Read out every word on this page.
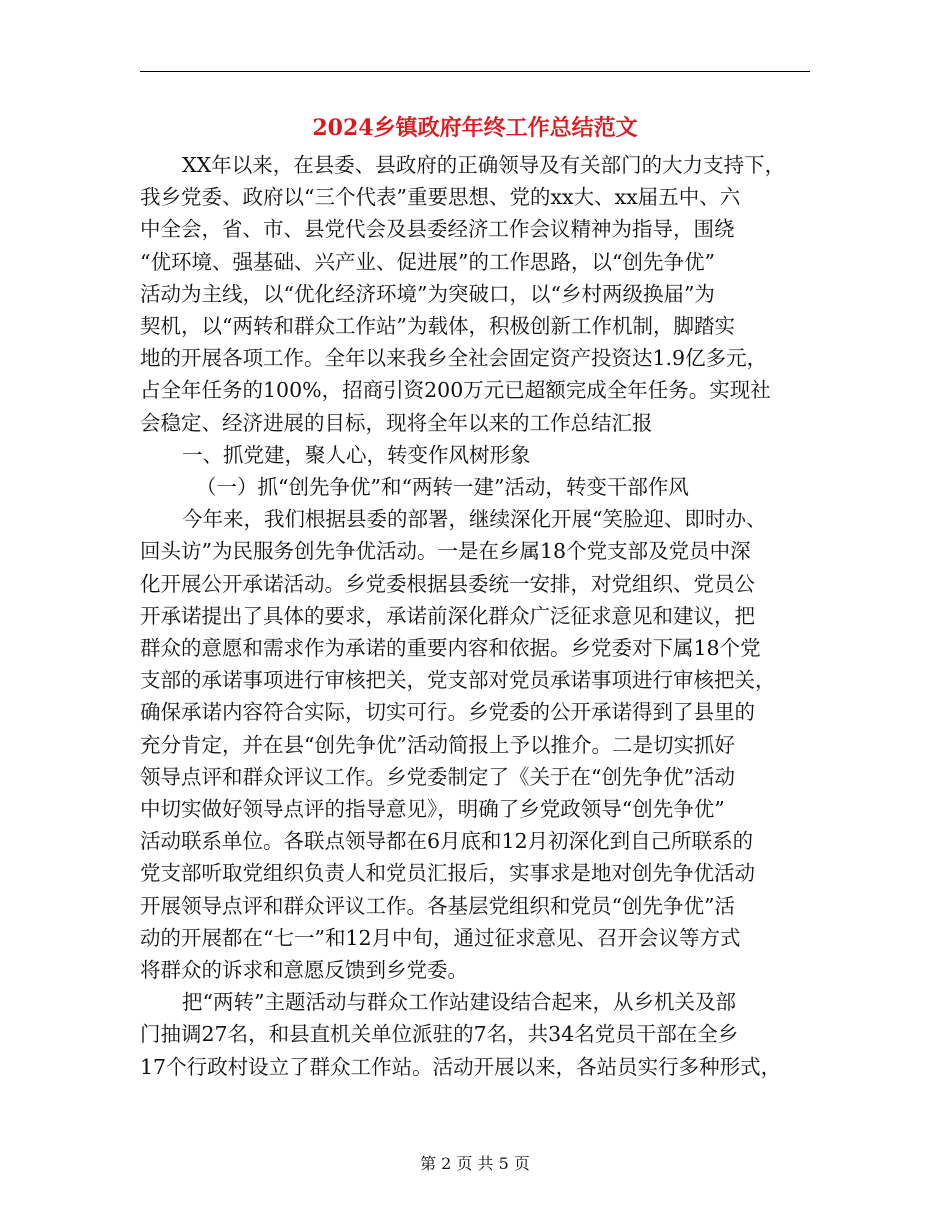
2024乡镇政府年终工作总结范文
XX年以来，在县委、县政府的正确领导及有关部门的大力支持下，
我乡党委、政府以“三个代表”重要思想、党的xx大、xx届五中、六
中全会，省、市、县党代会及县委经济工作会议精神为指导，围绕
“优环境、强基础、兴产业、促进展”的工作思路，以“创先争优”
活动为主线，以“优化经济环境”为突破口，以“乡村两级换届”为
契机，以“两转和群众工作站”为载体，积极创新工作机制，脚踏实
地的开展各项工作。全年以来我乡全社会固定资产投资达1.9亿多元，
占全年任务的100%，招商引资200万元已超额完成全年任务。实现社
会稳定、经济进展的目标，现将全年以来的工作总结汇报
一、抓党建，聚人心，转变作风树形象
（一）抓“创先争优”和“两转一建”活动，转变干部作风
今年来，我们根据县委的部署，继续深化开展“笑脸迎、即时办、
回头访”为民服务创先争优活动。一是在乡属18个党支部及党员中深
化开展公开承诺活动。乡党委根据县委统一安排，对党组织、党员公
开承诺提出了具体的要求，承诺前深化群众广泛征求意见和建议，把
群众的意愿和需求作为承诺的重要内容和依据。乡党委对下属18个党
支部的承诺事项进行审核把关，党支部对党员承诺事项进行审核把关，
确保承诺内容符合实际，切实可行。乡党委的公开承诺得到了县里的
充分肯定，并在县“创先争优”活动简报上予以推介。二是切实抓好
领导点评和群众评议工作。乡党委制定了《关于在“创先争优”活动
中切实做好领导点评的指导意见》，明确了乡党政领导“创先争优”
活动联系单位。各联点领导都在6月底和12月初深化到自己所联系的
党支部听取党组织负责人和党员汇报后，实事求是地对创先争优活动
开展领导点评和群众评议工作。各基层党组织和党员“创先争优”活
动的开展都在“七一”和12月中旬，通过征求意见、召开会议等方式
将群众的诉求和意愿反馈到乡党委。
把“两转”主题活动与群众工作站建设结合起来，从乡机关及部
门抽调27名，和县直机关单位派驻的7名，共34名党员干部在全乡
17个行政村设立了群众工作站。活动开展以来，各站员实行多种形式，
第 2 页 共 5 页
